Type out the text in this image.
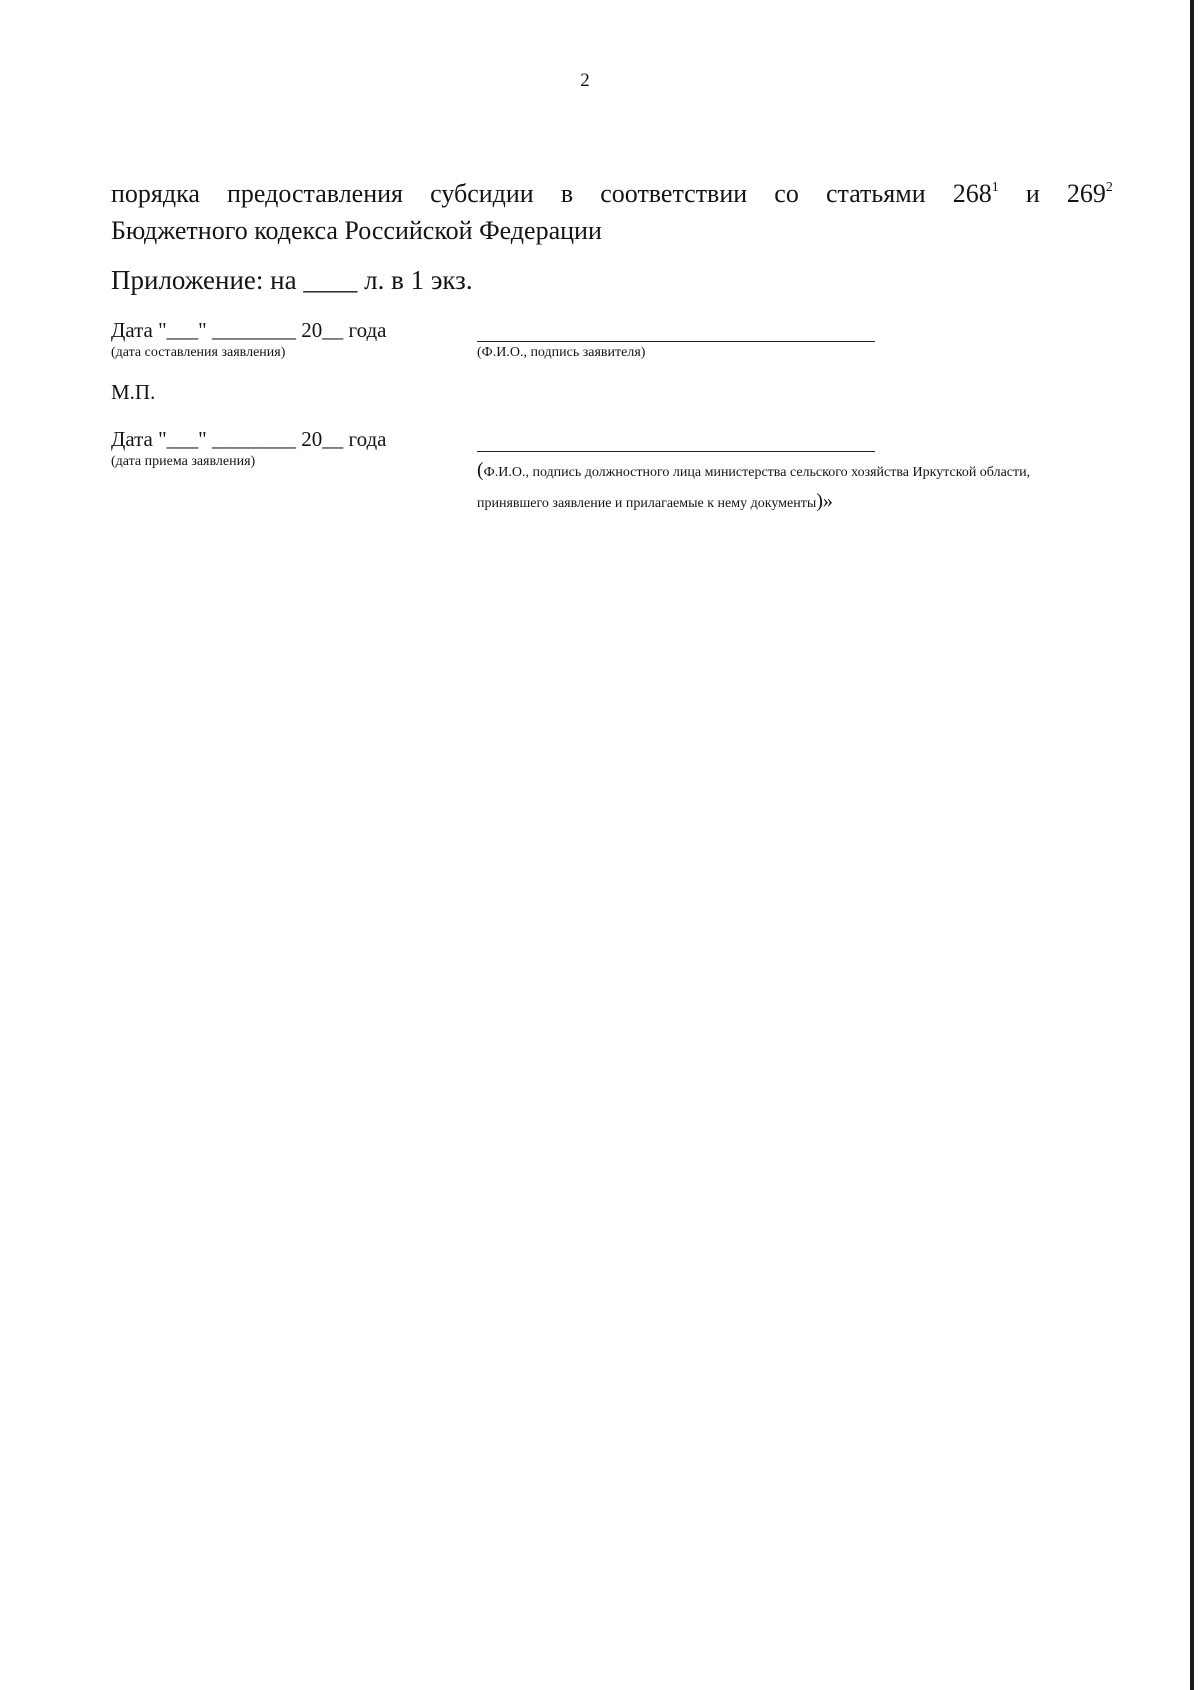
2
порядка предоставления субсидии в соответствии со статьями $268^1$ и $269^2$
Бюджетного кодекса Российской Федерации
Приложение: на ____ л. в 1 экз.
Дата "___" ________ 20__ года
(дата составления заявления)	(Ф.И.О., подпись заявителя)
М.П.
Дата "___" ________ 20__ года
(дата приема заявления)	(Ф.И.О., подпись должностного лица министерства сельского хозяйства Иркутской области,
принявшего заявление и прилагаемые к нему документы)»
